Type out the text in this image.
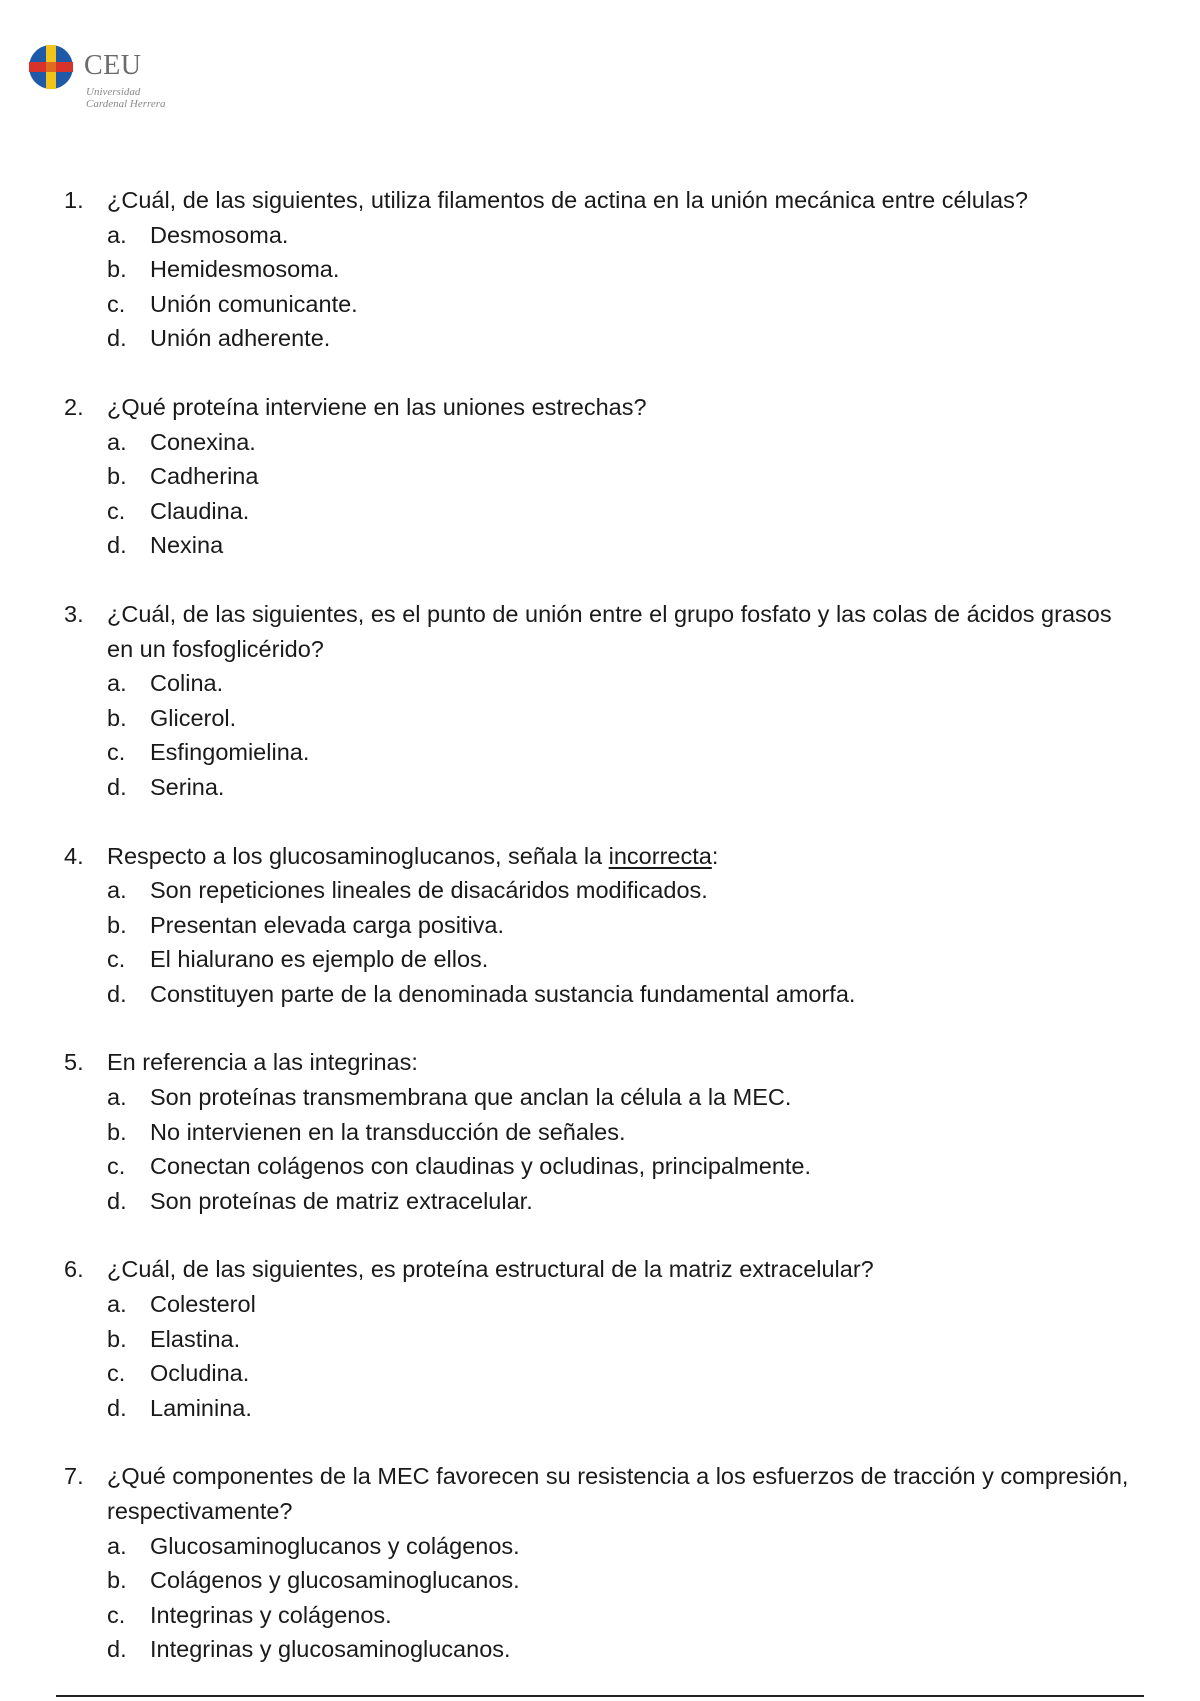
CEU
Universidad
Cardenal Herrera
1. ¿Cuál, de las siguientes, utiliza filamentos de actina en la unión mecánica entre células?
a. Desmosoma.
b. Hemidesmosoma.
c.	Unión comunicante.
d. Unión adherente.
2. ¿Qué proteína interviene en las uniones estrechas?
a. Conexina.
b. Cadherina
c.	Claudina.
d. Nexina
3. ¿Cuál, de las siguientes, es el punto de unión entre el grupo fosfato y las colas de ácidos grasos en un fosfoglicérido?
a. Colina.
b. Glicerol.
c.	Esfingomielina.
d. Serina.
4. Respecto a los glucosaminoglucanos, señala la incorrecta:
a. Son repeticiones lineales de disacáridos modificados.
b. Presentan elevada carga positiva.
c.	El hialurano es ejemplo de ellos.
d. Constituyen parte de la denominada sustancia fundamental amorfa.
5. En referencia a las integrinas:
a. Son proteínas transmembrana que anclan la célula a la MEC.
b. No intervienen en la transducción de señales.
c.	Conectan colágenos con claudinas y ocludinas, principalmente.
d. Son proteínas de matriz extracelular.
6. ¿Cuál, de las siguientes, es proteína estructural de la matriz extracelular?
a. Colesterol
b. Elastina.
c.	Ocludina.
d. Laminina.
7. ¿Qué componentes de la MEC favorecen su resistencia a los esfuerzos de tracción y compresión, respectivamente?
a. Glucosaminoglucanos y colágenos.
b. Colágenos y glucosaminoglucanos.
c.	Integrinas y colágenos.
d. Integrinas y glucosaminoglucanos.
